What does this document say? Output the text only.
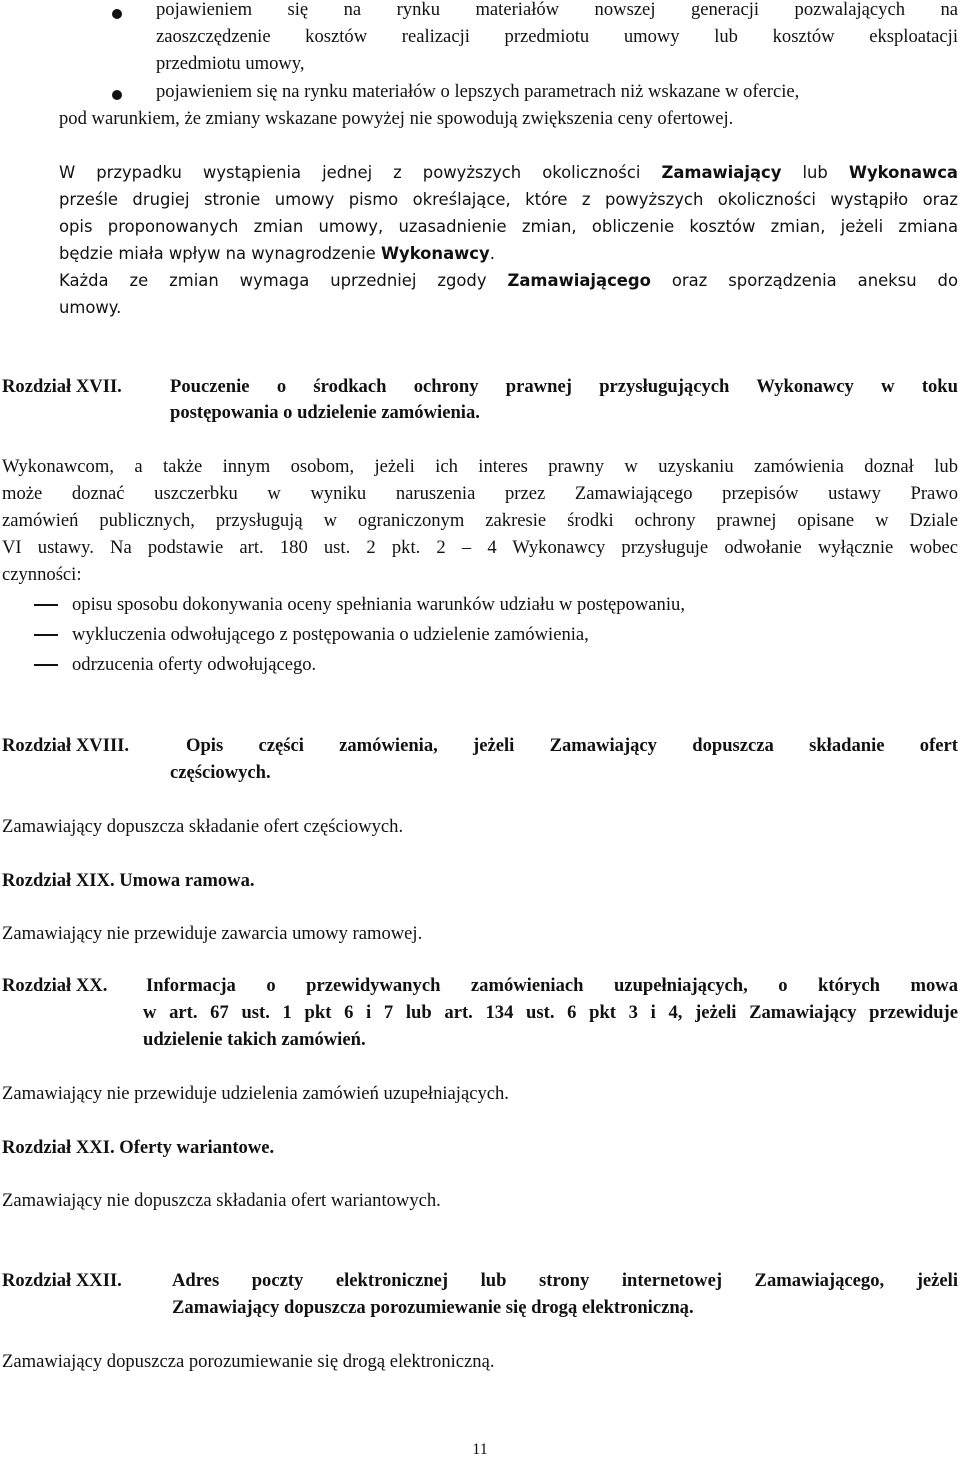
pojawieniem się na rynku materiałów nowszej generacji pozwalających na
zaoszczędzenie kosztów realizacji przedmiotu umowy lub kosztów eksploatacji
przedmiotu umowy,
pojawieniem się na rynku materiałów o lepszych parametrach niż wskazane w ofercie,
pod warunkiem, że zmiany wskazane powyżej nie spowodują zwiększenia ceny ofertowej.
W przypadku wystąpienia jednej z powyższych okoliczności Zamawiający lub Wykonawca
prześle drugiej stronie umowy pismo określające, które z powyższych okoliczności wystąpiło oraz
opis proponowanych zmian umowy, uzasadnienie zmian, obliczenie kosztów zmian, jeżeli zmiana
będzie miała wpływ na wynagrodzenie Wykonawcy.
Każda ze zmian wymaga uprzedniej zgody Zamawiającego oraz sporządzenia aneksu do
umowy.
Rozdział XVII.	Pouczenie o środkach ochrony prawnej przysługujących Wykonawcy w toku
postępowania o udzielenie zamówienia.
Wykonawcom, a także innym osobom, jeżeli ich interes prawny w uzyskaniu zamówienia doznał lub
może doznać uszczerbku w wyniku naruszenia przez Zamawiającego przepisów ustawy Prawo
zamówień publicznych, przysługują w ograniczonym zakresie środki ochrony prawnej opisane w Dziale
VI ustawy. Na podstawie art. 180 ust. 2 pkt. 2 – 4 Wykonawcy przysługuje odwołanie wyłącznie wobec
czynności:
opisu sposobu dokonywania oceny spełniania warunków udziału w postępowaniu,
wykluczenia odwołującego z postępowania o udzielenie zamówienia,
odrzucenia oferty odwołującego.
Rozdział XVIII.	Opis części zamówienia, jeżeli Zamawiający dopuszcza składanie ofert
częściowych.
Zamawiający dopuszcza składanie ofert częściowych.
Rozdział XIX. Umowa ramowa.
Zamawiający nie przewiduje zawarcia umowy ramowej.
Rozdział XX.	Informacja o przewidywanych zamówieniach uzupełniających, o których mowa
w art. 67 ust. 1 pkt 6 i 7 lub art. 134 ust. 6 pkt 3 i 4, jeżeli Zamawiający przewiduje
udzielenie takich zamówień.
Zamawiający nie przewiduje udzielenia zamówień uzupełniających.
Rozdział XXI. Oferty wariantowe.
Zamawiający nie dopuszcza składania ofert wariantowych.
Rozdział XXII.	Adres poczty elektronicznej lub strony internetowej Zamawiającego, jeżeli
Zamawiający dopuszcza porozumiewanie się drogą elektroniczną.
Zamawiający dopuszcza porozumiewanie się drogą elektroniczną.
11
